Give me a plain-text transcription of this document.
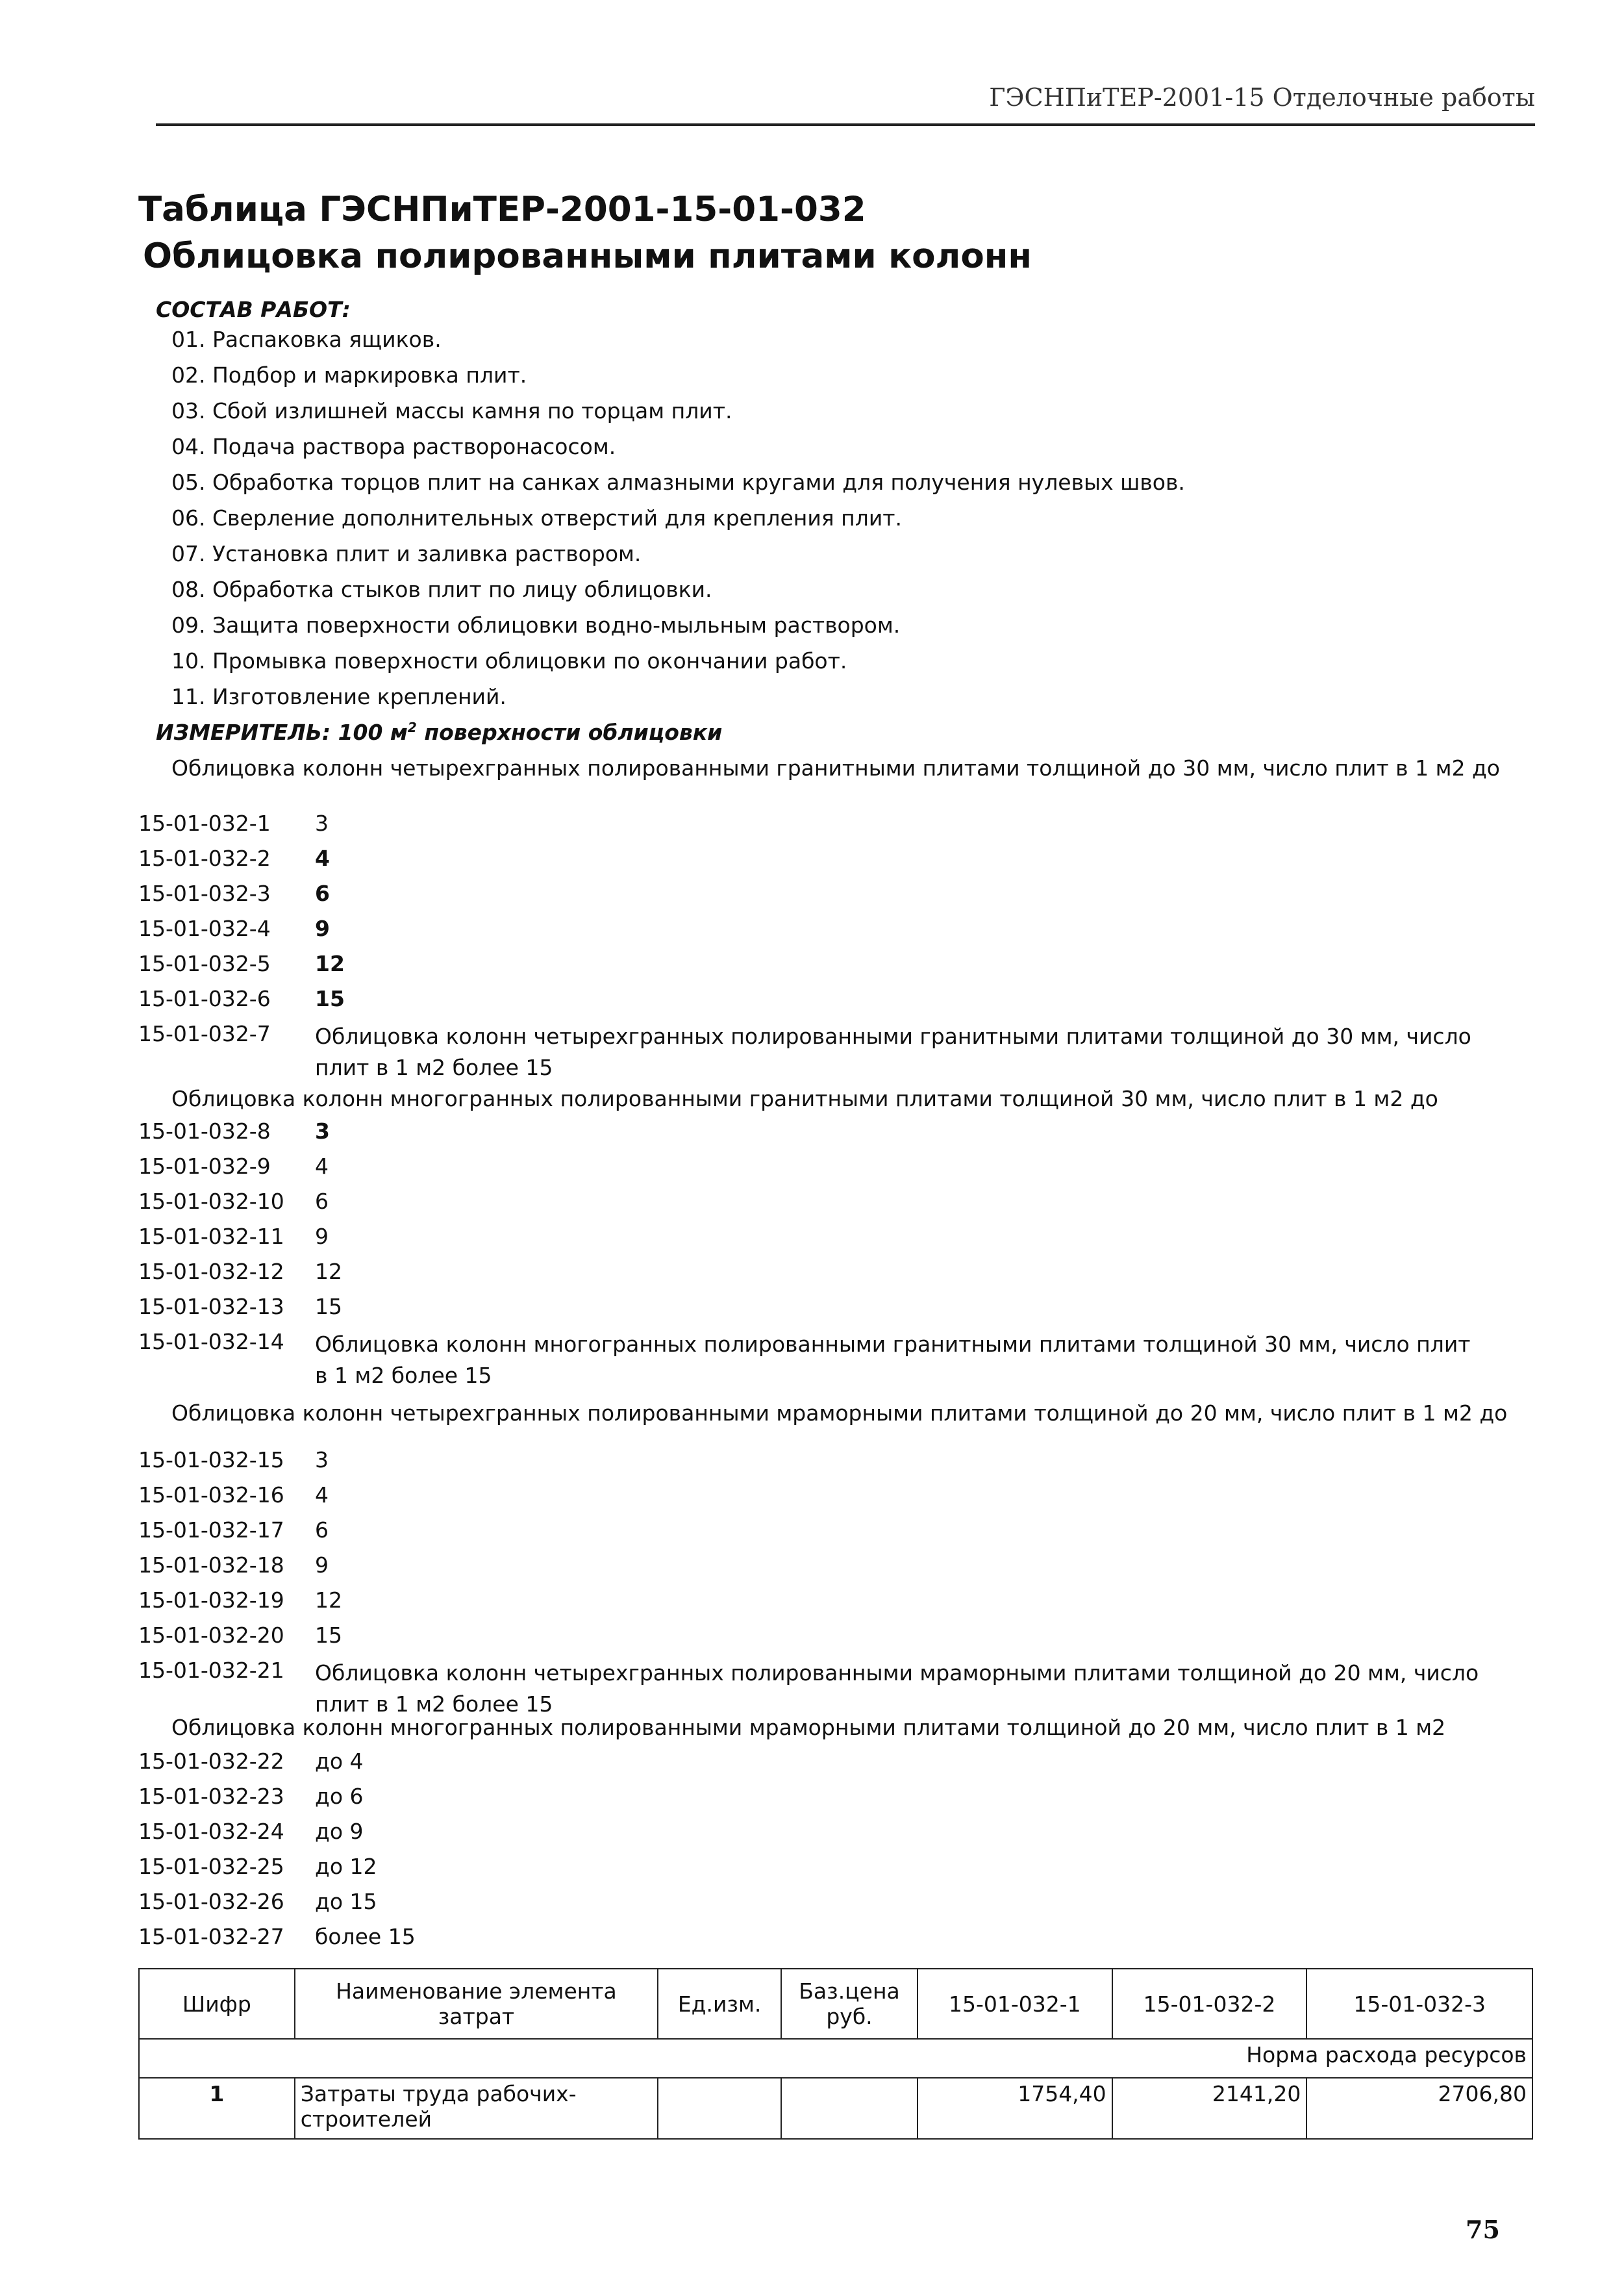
ГЭСНПиТЕР-2001-15 Отделочные работы
Таблица ГЭСНПиТЕР-2001-15-01-032
Облицовка полированными плитами колонн
СОСТАВ РАБОТ:
01. Распаковка ящиков.
02. Подбор и маркировка плит.
03. Сбой излишней массы камня по торцам плит.
04. Подача раствора растворонасосом.
05. Обработка торцов плит на санках алмазными кругами для получения нулевых швов.
06. Сверление дополнительных отверстий для крепления плит.
07. Установка плит и заливка раствором.
08. Обработка стыков плит по лицу облицовки.
09. Защита поверхности облицовки водно-мыльным раствором.
10. Промывка поверхности облицовки по окончании работ.
11. Изготовление креплений.
ИЗМЕРИТЕЛЬ: 100 $м^2$ поверхности облицовки
Облицовка колонн четырехгранных полированными гранитными плитами толщиной до 30 мм, число плит в 1 м2 до
15-01-032-1 3
15-01-032-2 4
15-01-032-3 6
15-01-032-4 9
15-01-032-5 12
15-01-032-6 15
15-01-032-7 Облицовка колонн четырехгранных полированными гранитными плитами толщиной до 30 мм, число плит в 1 м2 более 15
Облицовка колонн многогранных полированными гранитными плитами толщиной 30 мм, число плит в 1 м2 до
15-01-032-8 3
15-01-032-9 4
15-01-032-10 6
15-01-032-11 9
15-01-032-12 12
15-01-032-13 15
15-01-032-14 Облицовка колонн многогранных полированными гранитными плитами толщиной 30 мм, число плит в 1 м2 более 15
Облицовка колонн четырехгранных полированными мраморными плитами толщиной до 20 мм, число плит в 1 м2 до
15-01-032-15 3
15-01-032-16 4
15-01-032-17 6
15-01-032-18 9
15-01-032-19 12
15-01-032-20 15
15-01-032-21 Облицовка колонн четырехгранных полированными мраморными плитами толщиной до 20 мм, число плит в 1 м2 более 15
Облицовка колонн многогранных полированными мраморными плитами толщиной до 20 мм, число плит в 1 м2
15-01-032-22 до 4
15-01-032-23 до 6
15-01-032-24 до 9
15-01-032-25 до 12
15-01-032-26 до 15
15-01-032-27 более 15
Шифр	Наименование элемента затрат	Ед.изм.	Баз.цена руб.	15-01-032-1	15-01-032-2	15-01-032-3
Норма расхода ресурсов						
1	Затраты труда рабочих-строителей			1754,40	2141,20	2706,80
75
